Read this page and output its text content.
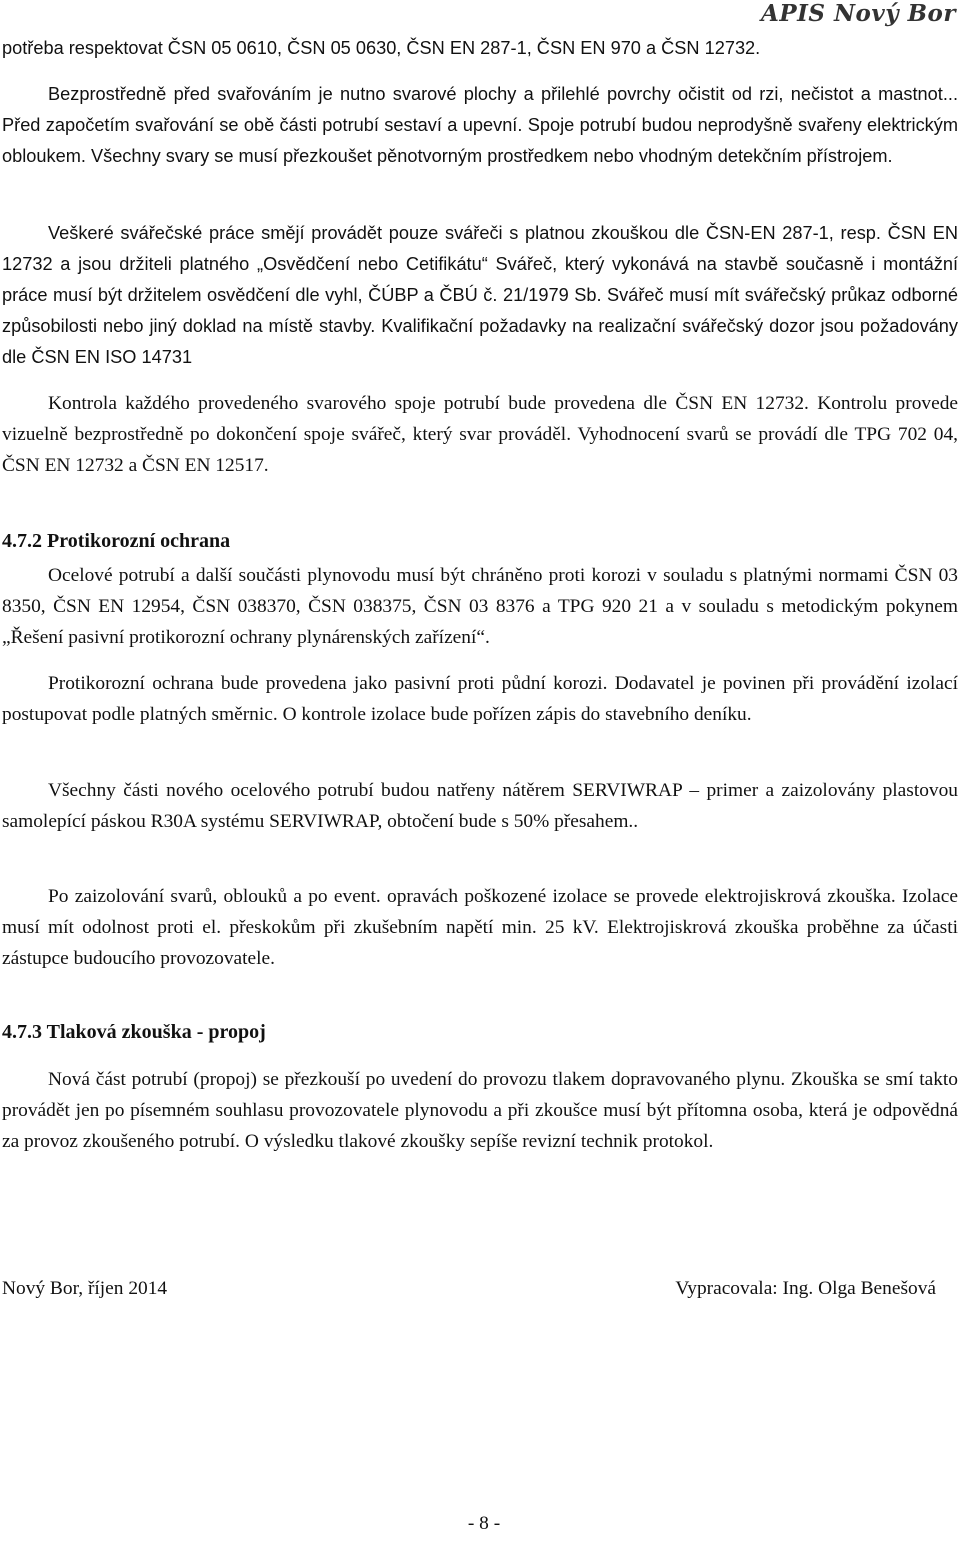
APIS Nový Bor

potřeba respektovat ČSN 05 0610, ČSN 05 0630, ČSN EN 287-1, ČSN EN 970 a ČSN 12732.

Bezprostředně před svařováním je nutno svarové plochy a přilehlé povrchy očistit od rzi, nečistot a mastnot... Před započetím svařování se obě části potrubí sestaví a upevní. Spoje potrubí budou neprodyšně svařeny elektrickým obloukem. Všechny svary se musí přezkoušet pěnotvorným prostředkem nebo vhodným detekčním přístrojem.

Veškeré svářečské práce smějí provádět pouze svářeči s platnou zkouškou dle ČSN-EN 287-1, resp. ČSN EN 12732 a jsou držiteli platného „Osvědčení nebo Cetifikátu“ Svářeč, který vykonává na stavbě současně i montážní práce musí být držitelem osvědčení dle vyhl, ČÚBP a ČBÚ č. 21/1979 Sb. Svářeč musí mít svářečský průkaz odborné způsobilosti nebo jiný doklad na místě stavby. Kvalifikační požadavky na realizační svářečský dozor jsou požadovány dle ČSN EN ISO 14731

Kontrola každého provedeného svarového spoje potrubí bude provedena dle ČSN EN 12732. Kontrolu provede vizuelně bezprostředně po dokončení spoje svářeč, který svar prováděl. Vyhodnocení svarů se provádí dle TPG 702 04, ČSN EN 12732 a ČSN EN 12517.

4.7.2 Protikorozní ochrana

Ocelové potrubí a další součásti plynovodu musí být chráněno proti korozi v souladu s platnými normami ČSN 03 8350, ČSN EN 12954, ČSN 038370, ČSN 038375, ČSN 03 8376 a TPG 920 21 a v souladu s metodickým pokynem „Řešení pasivní protikorozní ochrany plynárenských zařízení“.

Protikorozní ochrana bude provedena jako pasivní proti půdní korozi. Dodavatel je povinen při provádění izolací postupovat podle platných směrnic. O kontrole izolace bude pořízen zápis do stavebního deníku.

Všechny části nového ocelového potrubí budou natřeny nátěrem SERVIWRAP – primer a zaizolovány plastovou samolepící páskou R30A systému SERVIWRAP, obtočení bude s 50% přesahem..

Po zaizolování svarů, oblouků a po event. opravách poškozené izolace se provede elektrojiskrová zkouška. Izolace musí mít odolnost proti el. přeskokům při zkušebním napětí min. 25 kV. Elektrojiskrová zkouška proběhne za účasti zástupce budoucího provozovatele.

4.7.3 Tlaková zkouška - propoj

Nová část potrubí (propoj) se přezkouší po uvedení do provozu tlakem dopravovaného plynu. Zkouška se smí takto provádět jen po písemném souhlasu provozovatele plynovodu a při zkoušce musí být přítomna osoba, která je odpovědná za provoz zkoušeného potrubí. O výsledku tlakové zkoušky sepíše revizní technik protokol.

Nový Bor, říjen 2014	Vypracovala: Ing. Olga Benešová
- 8 -
